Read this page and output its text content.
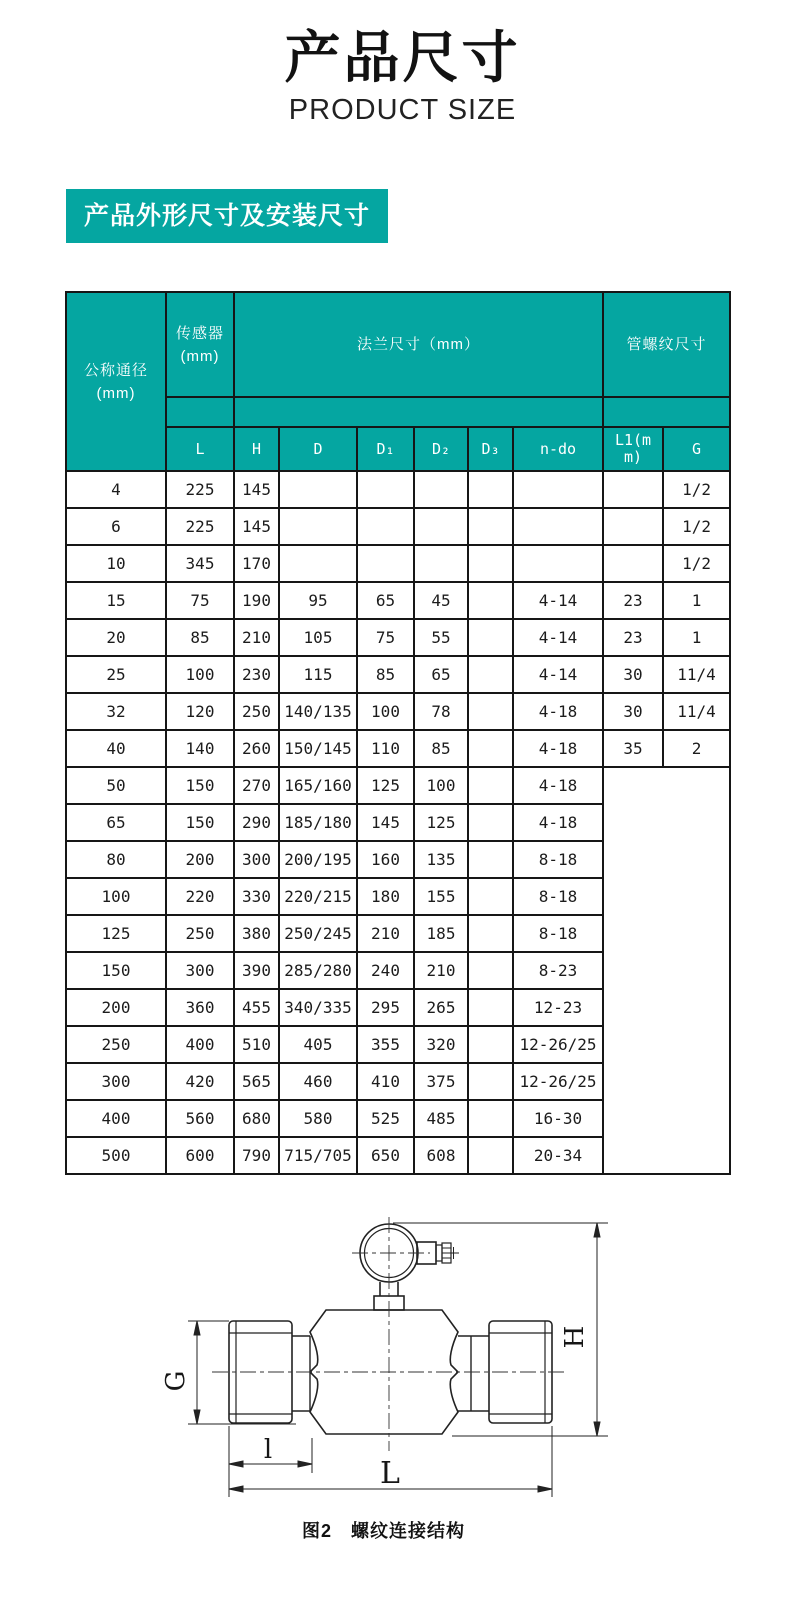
产品尺寸
PRODUCT SIZE
产品外形尺寸及安装尺寸
公称通径
(mm)

传感器
(mm)
	法兰尺寸（mm）	管螺纹尺寸

	L	H	D	D₁	D₂	D₃	n-do	L1(mm)	G
4	225	145							1/2
6	225	145							1/2
10	345	170							1/2
15	75	190	95	65	45		4-14	23	1
20	85	210	105	75	55		4-14	23	1
25	100	230	115	85	65		4-14	30	11/4
32	120	250	140/135	100	78		4-18	30	11/4
40	140	260	150/145	110	85		4-18	35	2
50	150	270	165/160	125	100		4-18		
65	150	290	185/180	145	125		4-18		
80	200	300	200/195	160	135		8-18		
100	220	330	220/215	180	155		8-18		
125	250	380	250/245	210	185		8-18		
150	300	390	285/280	240	210		8-23		
200	360	455	340/335	295	265		12-23		
250	400	510	405	355	320		12-26/25		
300	420	565	460	410	375		12-26/25		
400	560	680	580	525	485		16-30		
500	600	790	715/705	650	608		20-34		
G
H
l
L
图2　螺纹连接结构
